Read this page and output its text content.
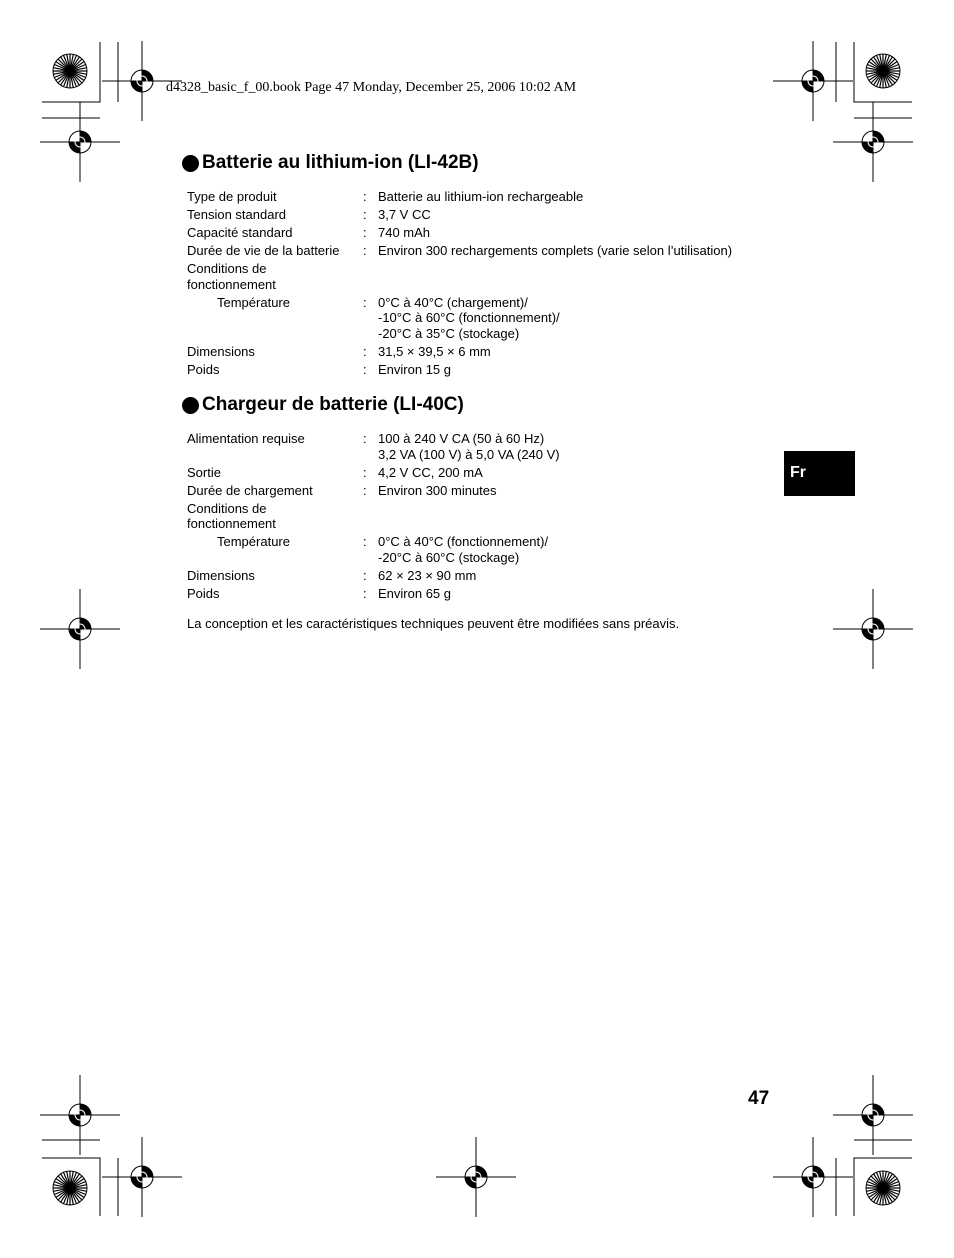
d4328_basic_f_00.book Page 47 Monday, December 25, 2006 10:02 AM
Batterie au lithium-ion (LI-42B)
Type de produit	: Batterie au lithium-ion rechargeable
Tension standard	: 3,7 V CC
Capacité standard	: 740 mAh
Durée de vie de la batterie	: Environ 300 rechargements complets (varie selon l’utilisation)
Conditions de
fonctionnement
Température	: 0°C à 40°C (chargement)/
-10°C à 60°C (fonctionnement)/
-20°C à 35°C (stockage)
Dimensions	: 31,5 × 39,5 × 6 mm
Poids	: Environ 15 g
Chargeur de batterie (LI-40C)
Alimentation requise	: 100 à 240 V CA (50 à 60 Hz)
3,2 VA (100 V) à 5,0 VA (240 V)
Sortie	: 4,2 V CC, 200 mA
Durée de chargement	: Environ 300 minutes
Conditions de
fonctionnement
Température	: 0°C à 40°C (fonctionnement)/
-20°C à 60°C (stockage)
Dimensions	: 62 × 23 × 90 mm
Poids	: Environ 65 g
La conception et les caractéristiques techniques peuvent être modifiées sans préavis.
Fr
47
